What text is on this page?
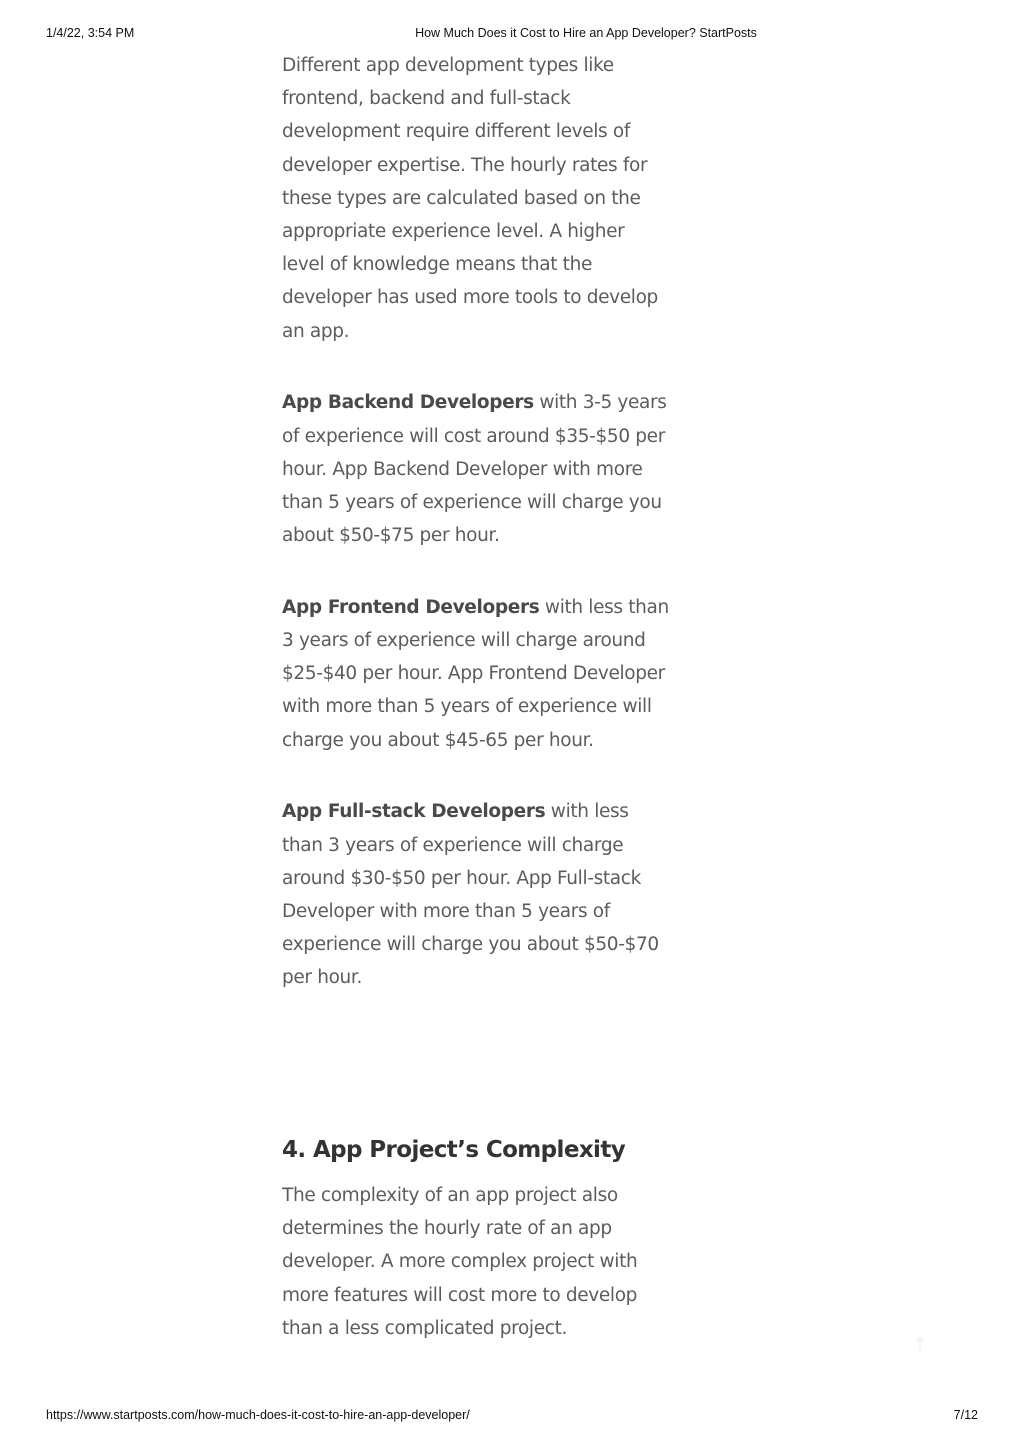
1/4/22, 3:54 PM	How Much Does it Cost to Hire an App Developer? StartPosts

Different app development types like frontend, backend and full-stack development require different levels of developer expertise. The hourly rates for these types are calculated based on the appropriate experience level. A higher level of knowledge means that the developer has used more tools to develop an app.

App Backend Developers with 3-5 years of experience will cost around $35-$50 per hour. App Backend Developer with more than 5 years of experience will charge you about $50-$75 per hour.

App Frontend Developers with less than 3 years of experience will charge around $25-$40 per hour. App Frontend Developer with more than 5 years of experience will charge you about $45-65 per hour.

App Full-stack Developers with less than 3 years of experience will charge around $30-$50 per hour. App Full-stack Developer with more than 5 years of experience will charge you about $50-$70 per hour.

4. App Project’s Complexity

The complexity of an app project also determines the hourly rate of an app developer. A more complex project with more features will cost more to develop than a less complicated project.

↑
https://www.startposts.com/how-much-does-it-cost-to-hire-an-app-developer/	7/12
